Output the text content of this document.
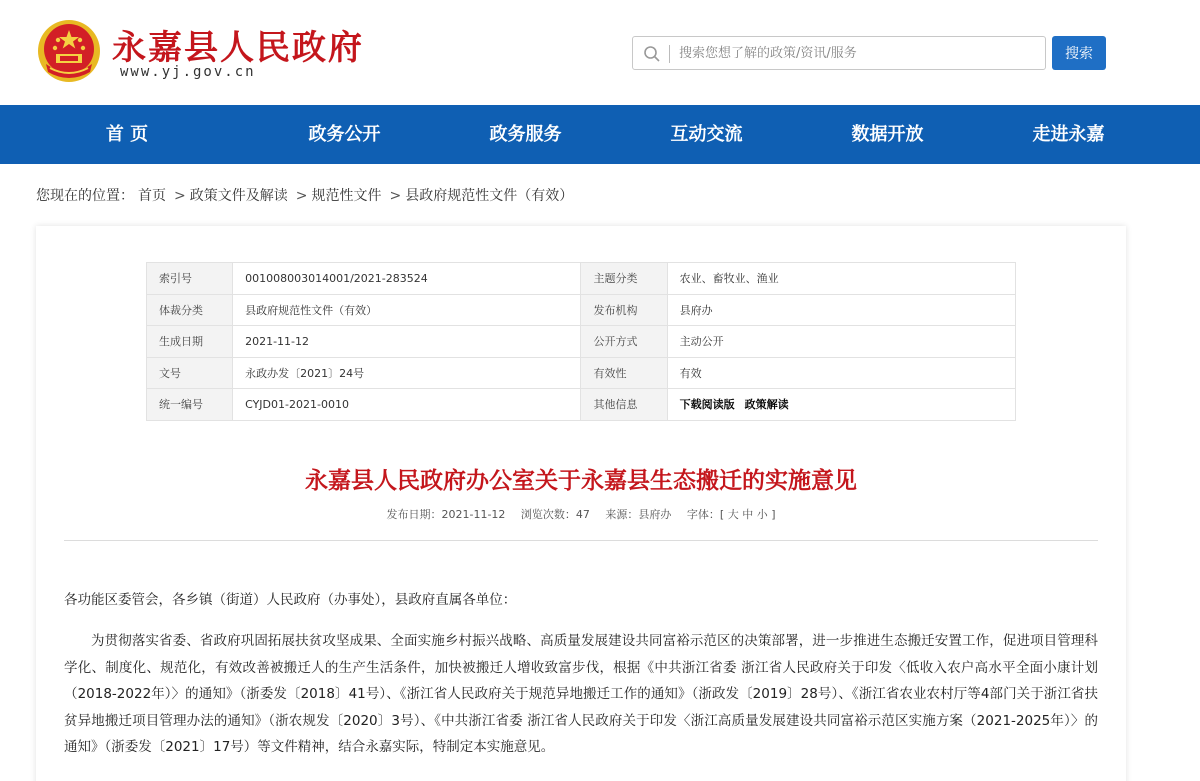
永嘉县人民政府
www.yj.gov.cn
搜索您想了解的政策/资讯/服务
搜索
首 页	政务公开	政务服务	互动交流	数据开放	走进永嘉
您现在的位置： 首页 > 政策文件及解读 > 规范性文件 > 县政府规范性文件（有效）
索引号	001008003014001/2021-283524	主题分类	农业、畜牧业、渔业
体裁分类	县政府规范性文件（有效）	发布机构	县府办
生成日期	2021-11-12	公开方式	主动公开
文号	永政办发〔2021〕24号	有效性	有效
统一编号	CYJD01-2021-0010	其他信息	下载阅读版 政策解读
永嘉县人民政府办公室关于永嘉县生态搬迁的实施意见
发布日期：2021-11-12 浏览次数：47 来源：县府办 字体：[ 大 中 小 ]
各功能区委管会，各乡镇（街道）人民政府（办事处），县政府直属各单位：
为贯彻落实省委、省政府巩固拓展扶贫攻坚成果、全面实施乡村振兴战略、高质量发展建设共同富裕示范区的决策部署，进一步推进生态搬迁安置工作，促进项目管理科学化、制度化、规范化，有效改善被搬迁人的生产生活条件，加快被搬迁人增收致富步伐，根据《中共浙江省委 浙江省人民政府关于印发〈低收入农户高水平全面小康计划（2018-2022年）〉的通知》（浙委发〔2018〕41号）、《浙江省人民政府关于规范异地搬迁工作的通知》（浙政发〔2019〕28号）、《浙江省农业农村厅等4部门关于浙江省扶贫异地搬迁项目管理办法的通知》（浙农规发〔2020〕3号）、《中共浙江省委 浙江省人民政府关于印发〈浙江高质量发展建设共同富裕示范区实施方案（2021-2025年）〉的通知》（浙委发〔2021〕17号）等文件精神，结合永嘉实际，特制定本实施意见。
